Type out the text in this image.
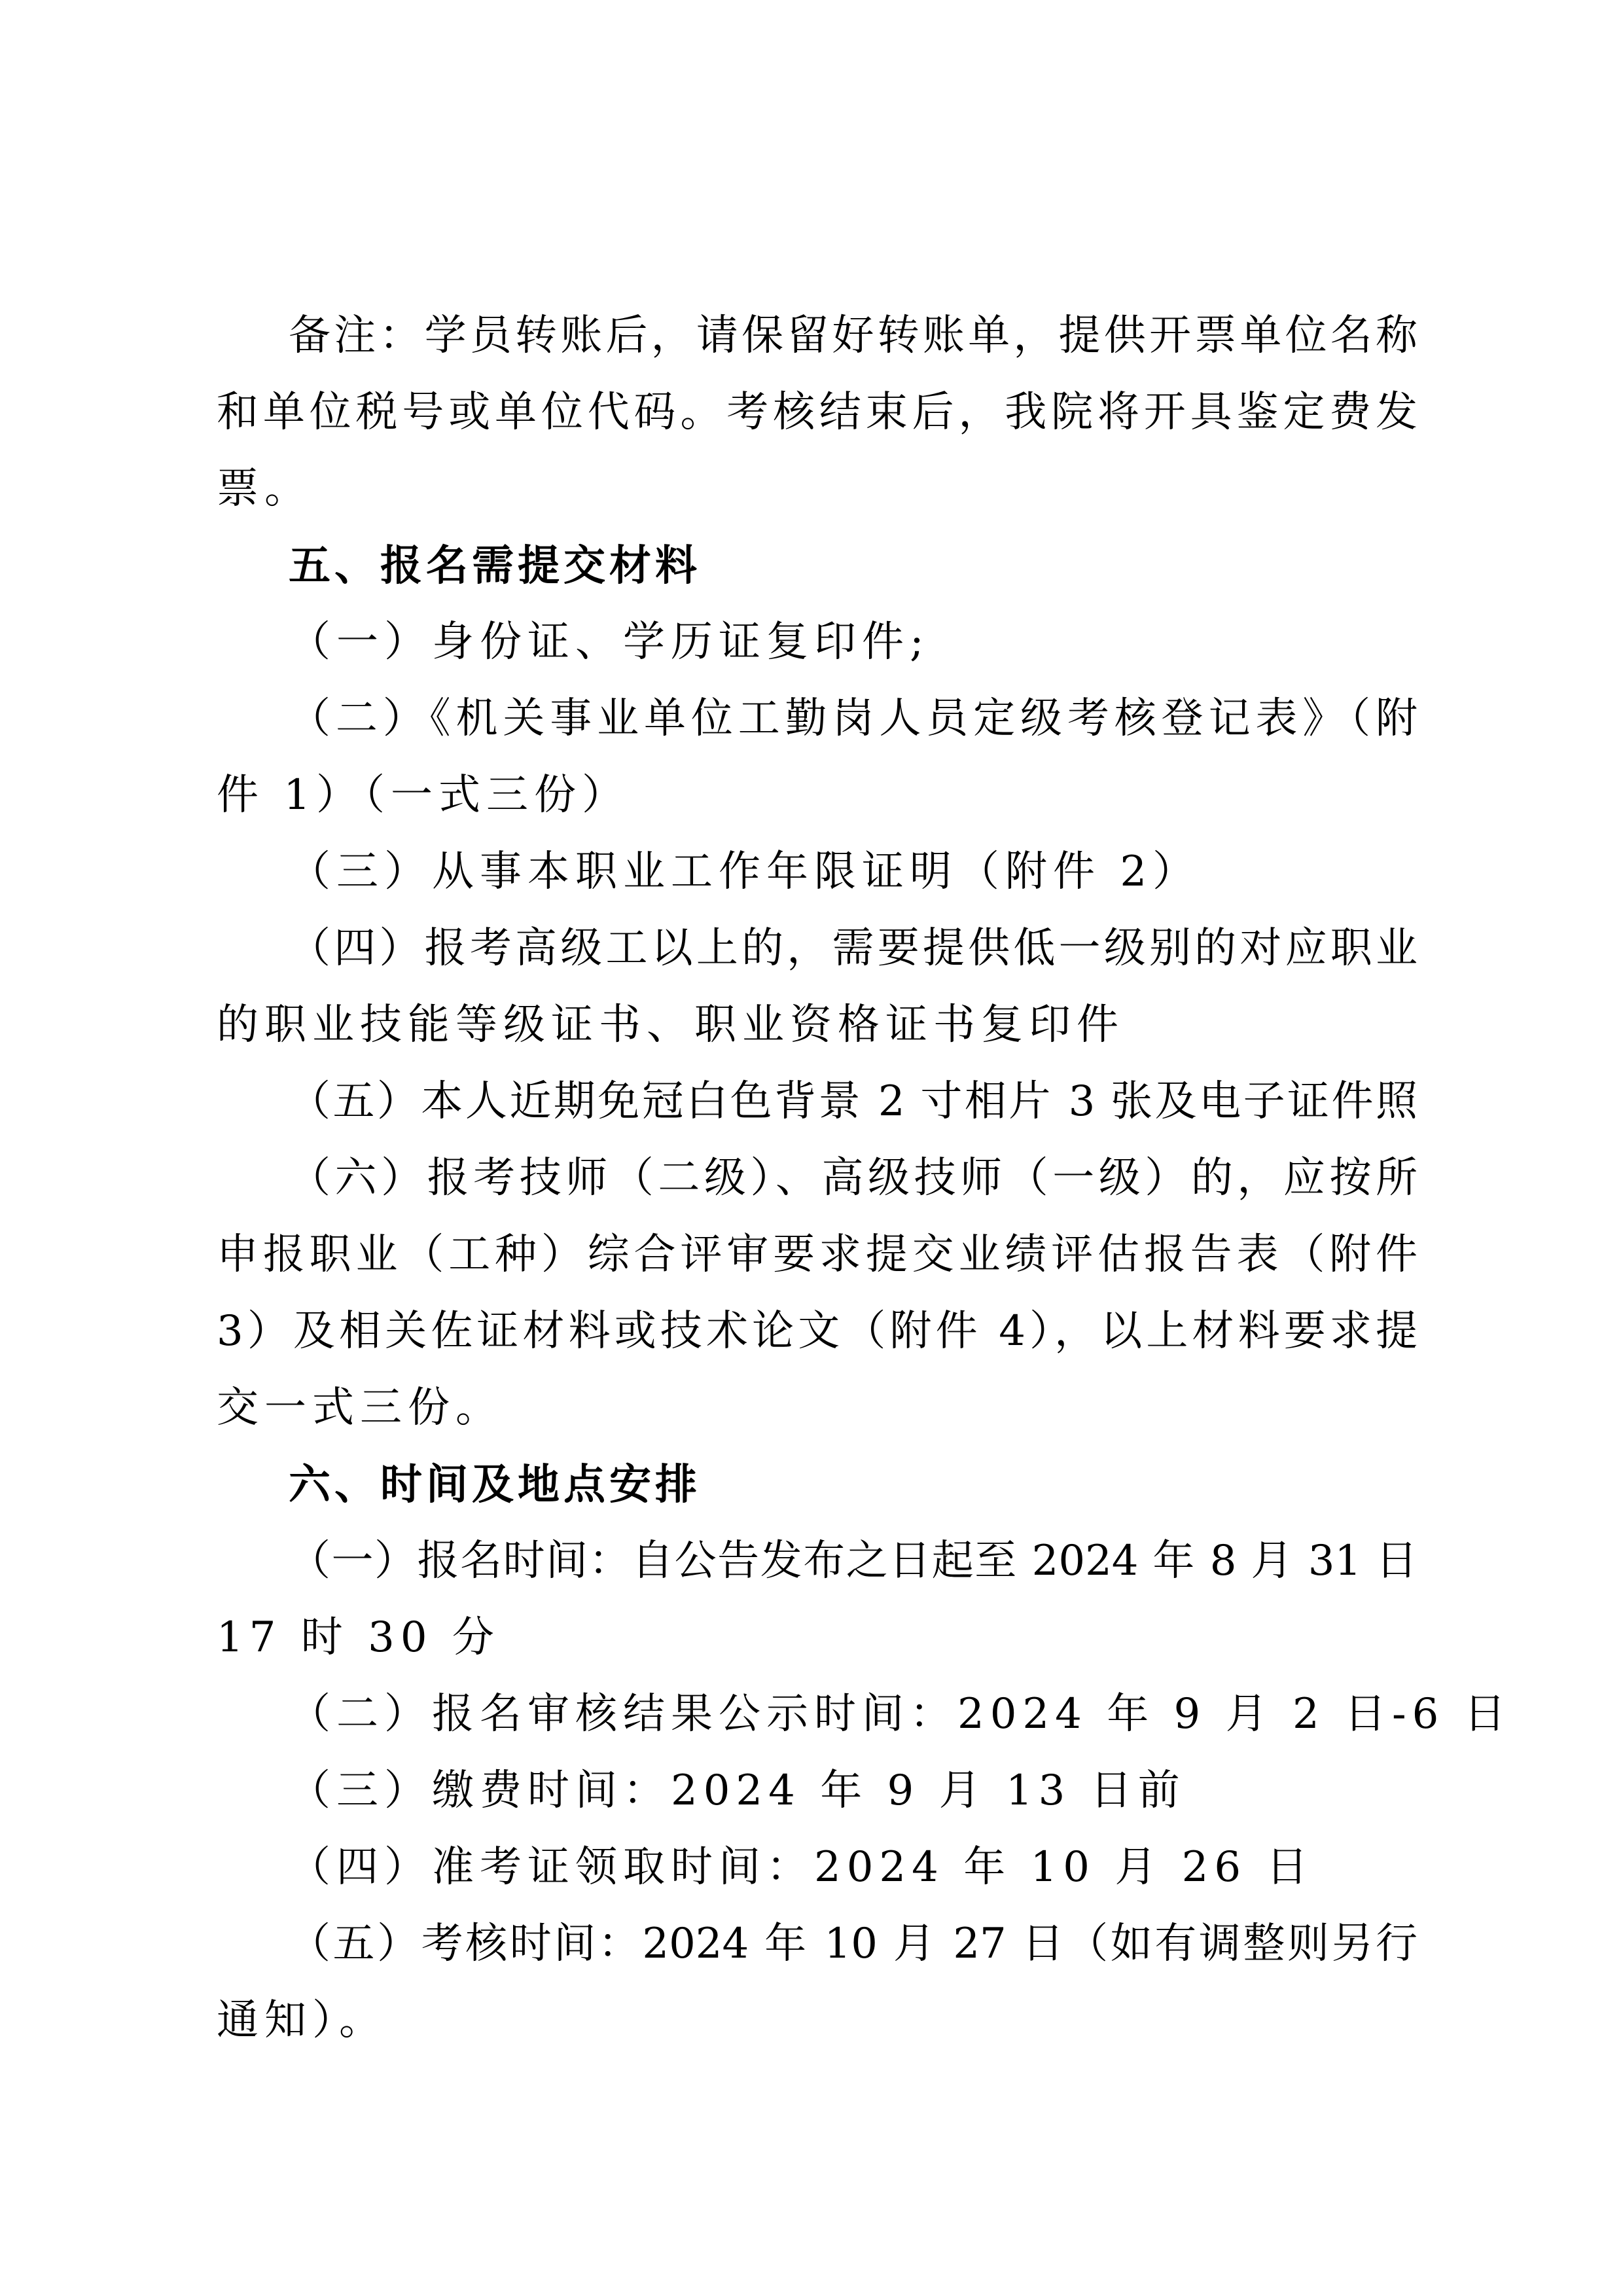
备注：学员转账后，请保留好转账单，提供开票单位名称
和单位税号或单位代码。考核结束后，我院将开具鉴定费发
票。
五、报名需提交材料
（一）身份证、学历证复印件;
（二）《机关事业单位工勤岗人员定级考核登记表》（附
件 1）（一式三份）
（三）从事本职业工作年限证明（附件 2）
（四）报考高级工以上的，需要提供低一级别的对应职业
的职业技能等级证书、职业资格证书复印件
（五）本人近期免冠白色背景 2 寸相片 3 张及电子证件照
（六）报考技师（二级）、高级技师（一级）的，应按所
申报职业（工种）综合评审要求提交业绩评估报告表（附件
3）及相关佐证材料或技术论文（附件 4），以上材料要求提
交一式三份。
六、时间及地点安排
（一）报名时间：自公告发布之日起至 2024 年 8 月 31 日
17 时 30 分
（二）报名审核结果公示时间：2024 年 9 月 2 日-6 日
（三）缴费时间：2024 年 9 月 13 日前
（四）准考证领取时间：2024 年 10 月 26 日
（五）考核时间：2024 年 10 月 27 日（如有调整则另行
通知）。
